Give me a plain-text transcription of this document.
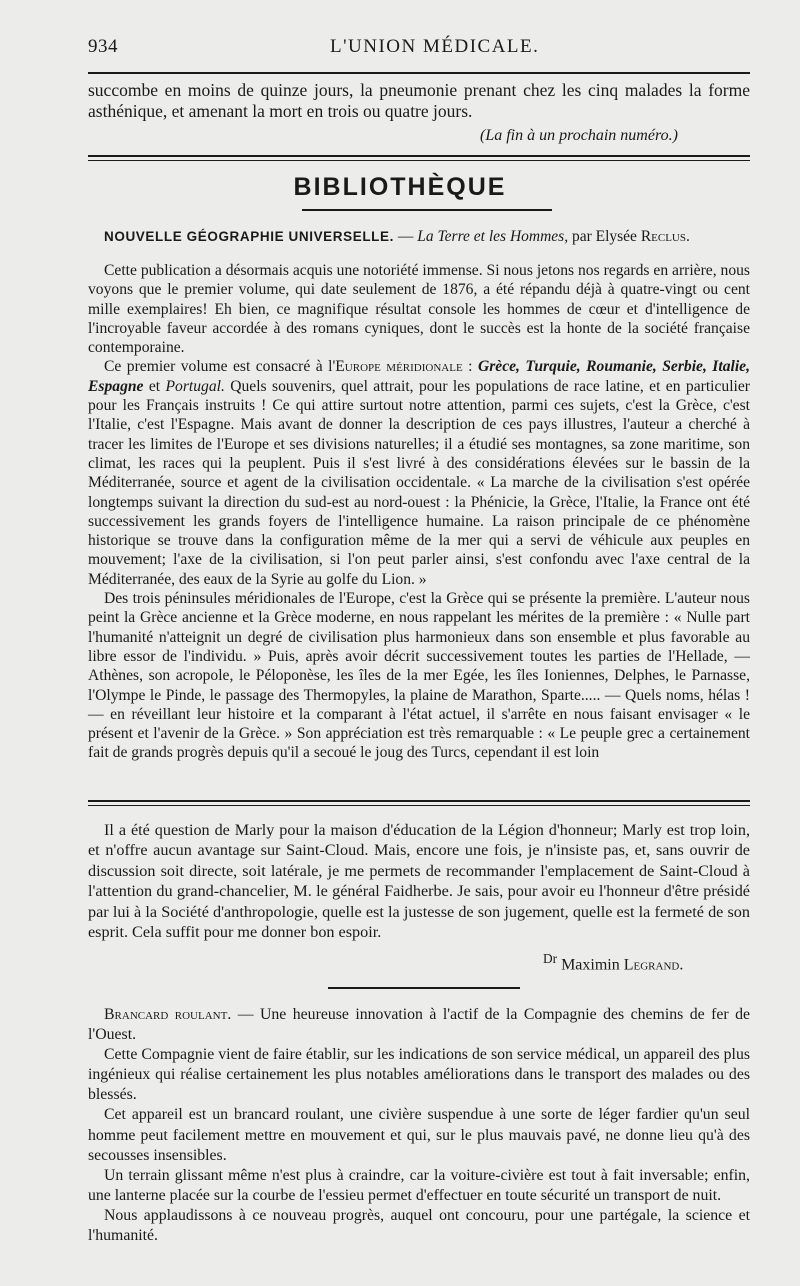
934	L'UNION MÉDICALE.

succombe en moins de quinze jours, la pneumonie prenant chez les cinq malades la forme asthénique, et amenant la mort en trois ou quatre jours.

(La fin à un prochain numéro.)
BIBLIOTHÈQUE
NOUVELLE GÉOGRAPHIE UNIVERSELLE. — La Terre et les Hommes, par Elysée Reclus.

Cette publication a désormais acquis une notoriété immense. Si nous jetons nos regards en arrière, nous voyons que le premier volume, qui date seulement de 1876, a été répandu déjà à quatre-vingt ou cent mille exemplaires! Eh bien, ce magnifique résultat console les hommes de cœur et d'intelligence de l'incroyable faveur accordée à des romans cyniques, dont le succès est la honte de la société française contemporaine.

Ce premier volume est consacré à l'Europe méridionale : Grèce, Turquie, Roumanie, Serbie, Italie, Espagne et Portugal. Quels souvenirs, quel attrait, pour les populations de race latine, et en particulier pour les Français instruits ! Ce qui attire surtout notre attention, parmi ces sujets, c'est la Grèce, c'est l'Italie, c'est l'Espagne. Mais avant de donner la description de ces pays illustres, l'auteur a cherché à tracer les limites de l'Europe et ses divisions naturelles; il a étudié ses montagnes, sa zone maritime, son climat, les races qui la peuplent. Puis il s'est livré à des considérations élevées sur le bassin de la Méditerranée, source et agent de la civilisation occidentale. « La marche de la civilisation s'est opérée longtemps suivant la direction du sud-est au nord-ouest : la Phénicie, la Grèce, l'Italie, la France ont été successivement les grands foyers de l'intelligence humaine. La raison principale de ce phénomène historique se trouve dans la configuration même de la mer qui a servi de véhicule aux peuples en mouvement; l'axe de la civilisation, si l'on peut parler ainsi, s'est confondu avec l'axe central de la Méditerranée, des eaux de la Syrie au golfe du Lion. »

Des trois péninsules méridionales de l'Europe, c'est la Grèce qui se présente la première. L'auteur nous peint la Grèce ancienne et la Grèce moderne, en nous rappelant les mérites de la première : « Nulle part l'humanité n'atteignit un degré de civilisation plus harmonieux dans son ensemble et plus favorable au libre essor de l'individu. » Puis, après avoir décrit successivement toutes les parties de l'Hellade, — Athènes, son acropole, le Péloponèse, les îles de la mer Egée, les îles Ioniennes, Delphes, le Parnasse, l'Olympe le Pinde, le passage des Thermopyles, la plaine de Marathon, Sparte..... — Quels noms, hélas ! — en réveillant leur histoire et la comparant à l'état actuel, il s'arrête en nous faisant envisager « le présent et l'avenir de la Grèce. » Son appréciation est très remarquable : « Le peuple grec a certainement fait de grands progrès depuis qu'il a secoué le joug des Turcs, cependant il est loin

Il a été question de Marly pour la maison d'éducation de la Légion d'honneur; Marly est trop loin, et n'offre aucun avantage sur Saint-Cloud. Mais, encore une fois, je n'insiste pas, et, sans ouvrir de discussion soit directe, soit latérale, je me permets de recommander l'emplacement de Saint-Cloud à l'attention du grand-chancelier, M. le général Faidherbe. Je sais, pour avoir eu l'honneur d'être présidé par lui à la Société d'anthropologie, quelle est la justesse de son jugement, quelle est la fermeté de son esprit. Cela suffit pour me donner bon espoir.

$^{Dr}$ Maximin Legrand.

Brancard roulant. — Une heureuse innovation à l'actif de la Compagnie des chemins de fer de l'Ouest.

Cette Compagnie vient de faire établir, sur les indications de son service médical, un appareil des plus ingénieux qui réalise certainement les plus notables améliorations dans le transport des malades ou des blessés.

Cet appareil est un brancard roulant, une civière suspendue à une sorte de léger fardier qu'un seul homme peut facilement mettre en mouvement et qui, sur le plus mauvais pavé, ne donne lieu qu'à des secousses insensibles.

Un terrain glissant même n'est plus à craindre, car la voiture-civière est tout à fait inversable; enfin, une lanterne placée sur la courbe de l'essieu permet d'effectuer en toute sécurité un transport de nuit.

Nous applaudissons à ce nouveau progrès, auquel ont concouru, pour une partégale, la science et l'humanité.
